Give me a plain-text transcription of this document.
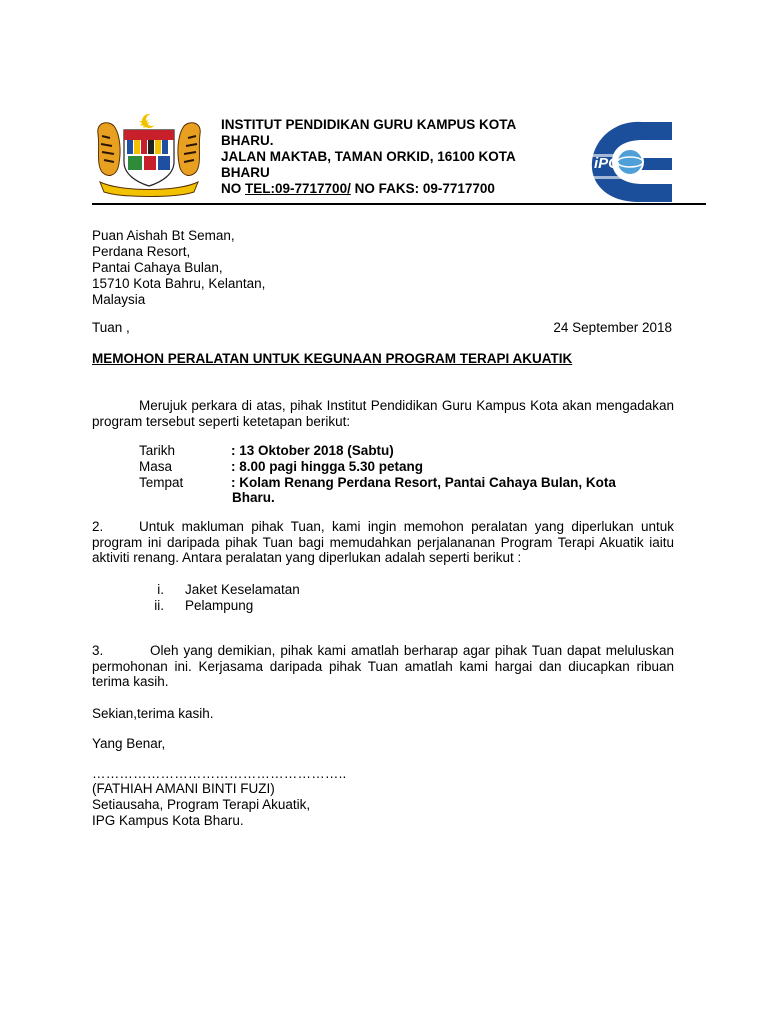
INSTITUT PENDIDIKAN GURU KAMPUS KOTA
BHARU.
JALAN MAKTAB, TAMAN ORKID, 16100 KOTA
BHARU
NO TEL:09-7717700/ NO FAKS: 09-7717700
iPG
Puan Aishah Bt Seman,
Perdana Resort,
Pantai Cahaya Bulan,
15710 Kota Bahru, Kelantan,
Malaysia
Tuan ,	24 September 2018
MEMOHON PERALATAN UNTUK KEGUNAAN PROGRAM TERAPI AKUATIK
Merujuk perkara di atas, pihak Institut Pendidikan Guru Kampus Kota akan mengadakan program tersebut seperti ketetapan berikut:
Tarikh	: 13 Oktober 2018 (Sabtu)
Masa	: 8.00 pagi hingga 5.30 petang
Tempat	: Kolam Renang Perdana Resort, Pantai Cahaya Bulan, Kota
Bharu.
2.	Untuk makluman pihak Tuan, kami ingin memohon peralatan yang diperlukan untuk program ini daripada pihak Tuan bagi memudahkan perjalananan Program Terapi Akuatik iaitu aktiviti renang. Antara peralatan yang diperlukan adalah seperti berikut :
i. Jaket Keselamatan
ii. Pelampung
3.	Oleh yang demikian, pihak kami amatlah berharap agar pihak Tuan dapat meluluskan permohonan ini. Kerjasama daripada pihak Tuan amatlah kami hargai dan diucapkan ribuan terima kasih.
Sekian,terima kasih.
Yang Benar,
………………………………………………..
(FATHIAH AMANI BINTI FUZI)
Setiausaha, Program Terapi Akuatik,
IPG Kampus Kota Bharu.
